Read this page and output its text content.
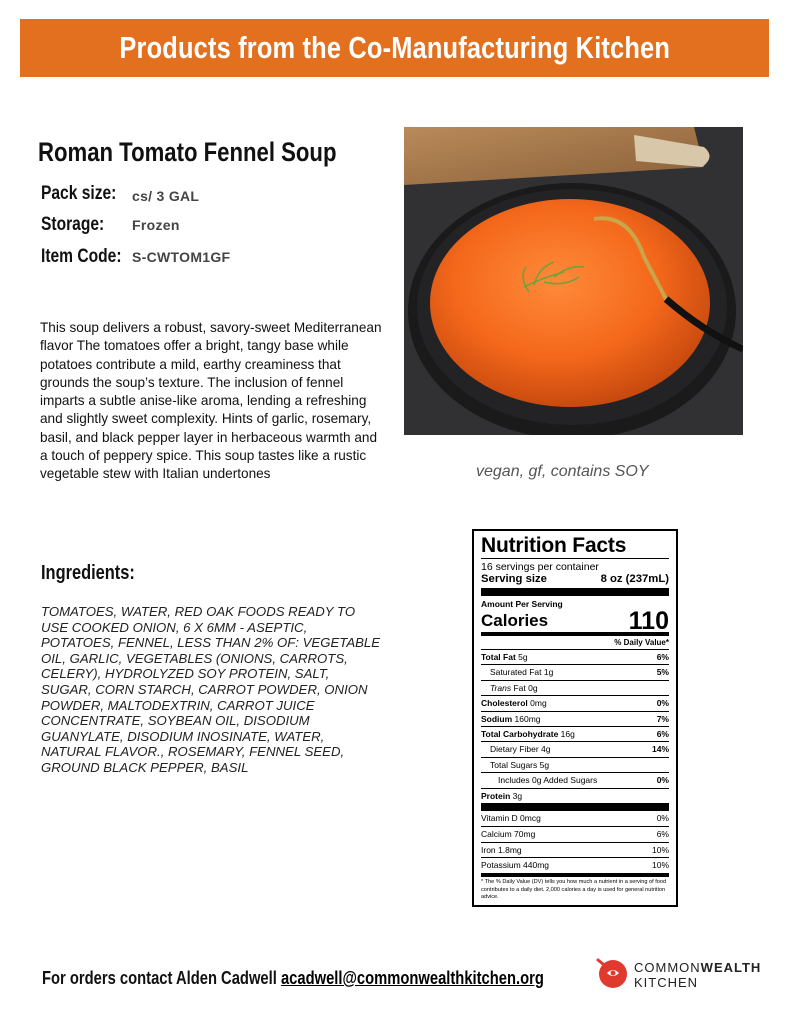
Products from the Co-Manufacturing Kitchen
Roman Tomato Fennel Soup
Pack size:	cs/ 3 GAL
Storage:	Frozen
Item Code: S-CWTOM1GF
This soup delivers a robust, savory-sweet Mediterranean flavor The tomatoes offer a bright, tangy base while potatoes contribute a mild, earthy creaminess that grounds the soup’s texture. The inclusion of fennel imparts a subtle anise-like aroma, lending a refreshing and slightly sweet complexity. Hints of garlic, rosemary, basil, and black pepper layer in herbaceous warmth and a touch of peppery spice. This soup tastes like a rustic vegetable stew with Italian undertones
Ingredients:
TOMATOES, WATER, RED OAK FOODS READY TO USE COOKED ONION, 6 X 6MM - ASEPTIC, POTATOES, FENNEL, LESS THAN 2% OF: VEGETABLE OIL, GARLIC, VEGETABLES (ONIONS, CARROTS, CELERY), HYDROLYZED SOY PROTEIN, SALT, SUGAR, CORN STARCH, CARROT POWDER, ONION POWDER, MALTODEXTRIN, CARROT JUICE CONCENTRATE, SOYBEAN OIL, DISODIUM GUANYLATE, DISODIUM INOSINATE, WATER, NATURAL FLAVOR., ROSEMARY, FENNEL SEED, GROUND BLACK PEPPER, BASIL
vegan, gf, contains SOY
Nutrition Facts
16 servings per container
Serving size	8 oz (237mL)
Amount Per Serving
Calories	110
% Daily Value*
Total Fat 5g	6%
Saturated Fat 1g	5%
Trans Fat 0g
Cholesterol 0mg	0%
Sodium 160mg	7%
Total Carbohydrate 16g	6%
Dietary Fiber 4g	14%
Total Sugars 5g
Includes 0g Added Sugars	0%
Protein 3g
Vitamin D 0mcg	0%
Calcium 70mg	6%
Iron 1.8mg	10%
Potassium 440mg	10%
* The % Daily Value (DV) tells you how much a nutrient in a serving of food contributes to a daily diet. 2,000 calories a day is used for general nutrition advice.
For orders contact Alden Cadwell acadwell@commonwealthkitchen.org
COMMONWEALTH
KITCHEN
